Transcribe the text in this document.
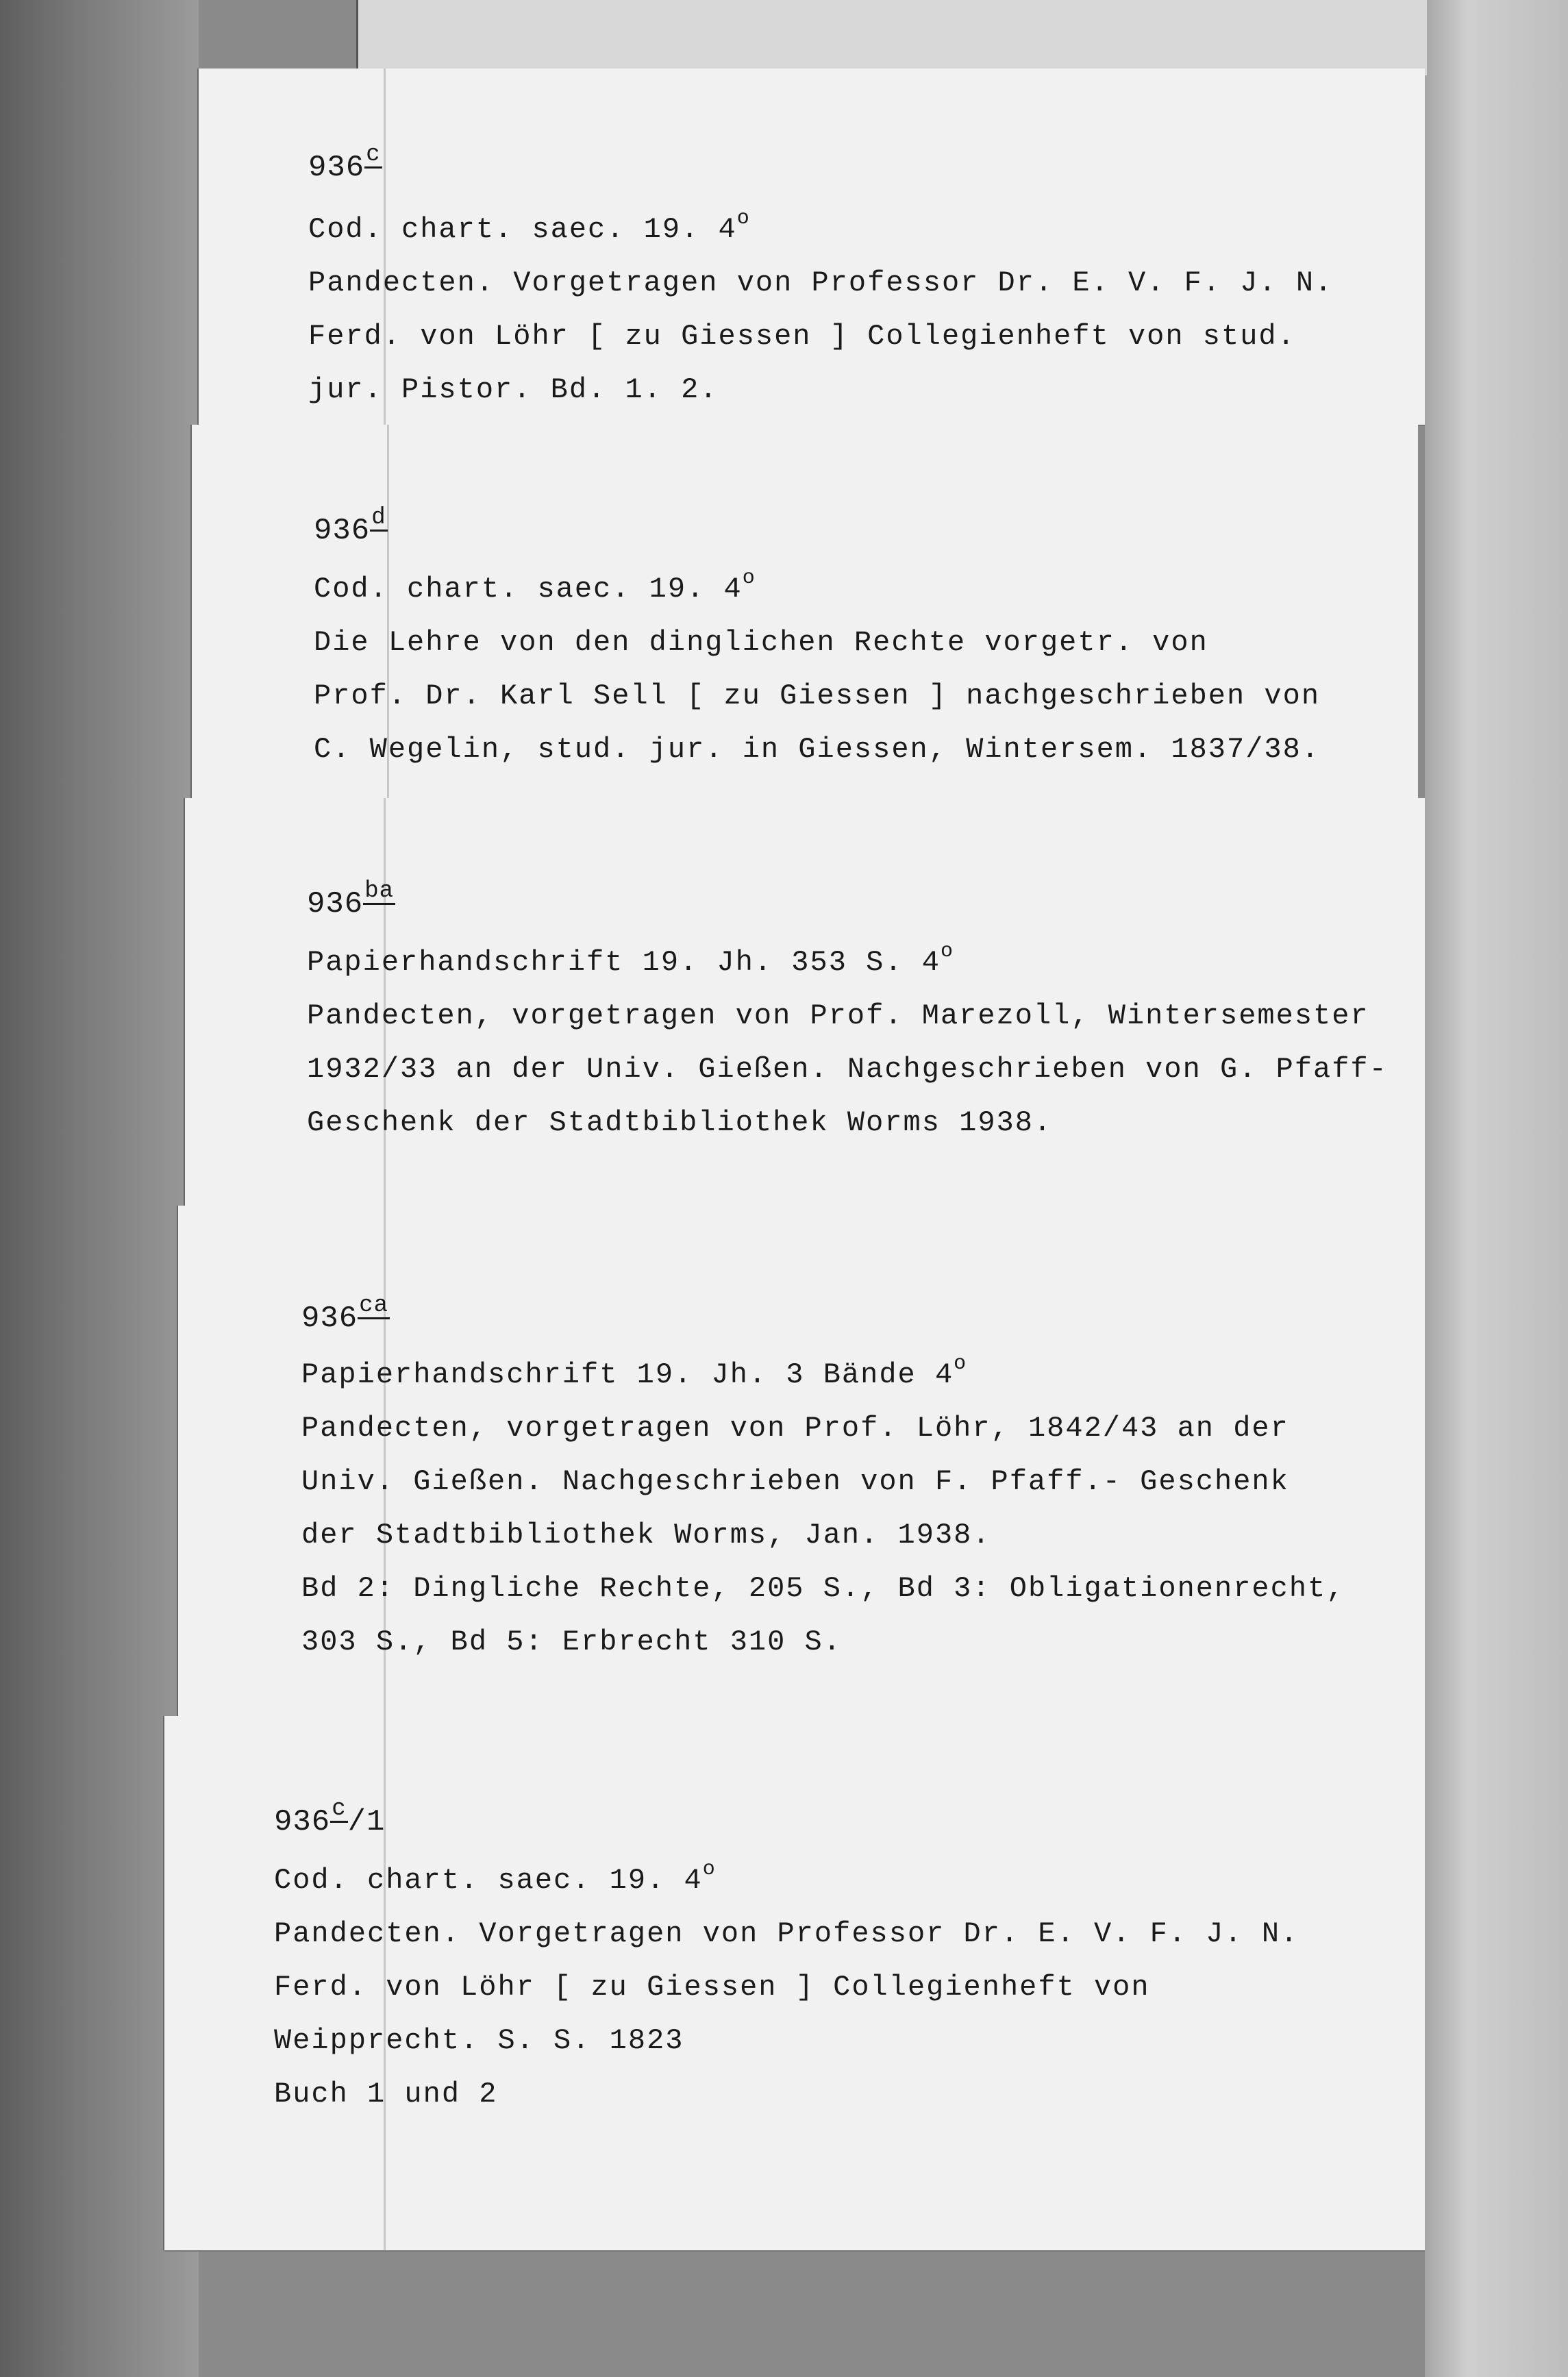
936c
Cod. chart. saec. 19. 4$^o$
Pandecten. Vorgetragen von Professor Dr. E. V. F. J. N.
Ferd. von Löhr [ zu Giessen ] Collegienheft von stud.
jur. Pistor. Bd. 1. 2.
936d
Cod. chart. saec. 19. 4$^o$
Die Lehre von den dinglichen Rechte vorgetr. von
Prof. Dr. Karl Sell [ zu Giessen ] nachgeschrieben von
C. Wegelin, stud. jur. in Giessen, Wintersem. 1837/38.
936ba
Papierhandschrift 19. Jh. 353 S. 4$^o$
Pandecten, vorgetragen von Prof. Marezoll, Wintersemester
1932/33 an der Univ. Gießen. Nachgeschrieben von G. Pfaff-
Geschenk der Stadtbibliothek Worms 1938.
936ca
Papierhandschrift 19. Jh. 3 Bände 4$^o$
Pandecten, vorgetragen von Prof. Löhr, 1842/43 an der
Univ. Gießen. Nachgeschrieben von F. Pfaff.- Geschenk
der Stadtbibliothek Worms, Jan. 1938.
Bd 2: Dingliche Rechte, 205 S., Bd 3: Obligationenrecht,
303 S., Bd 5: Erbrecht 310 S.
936c/1
Cod. chart. saec. 19. 4$^o$
Pandecten. Vorgetragen von Professor Dr. E. V. F. J. N.
Ferd. von Löhr [ zu Giessen ] Collegienheft von
Weipprecht. S. S. 1823
Buch 1 und 2
